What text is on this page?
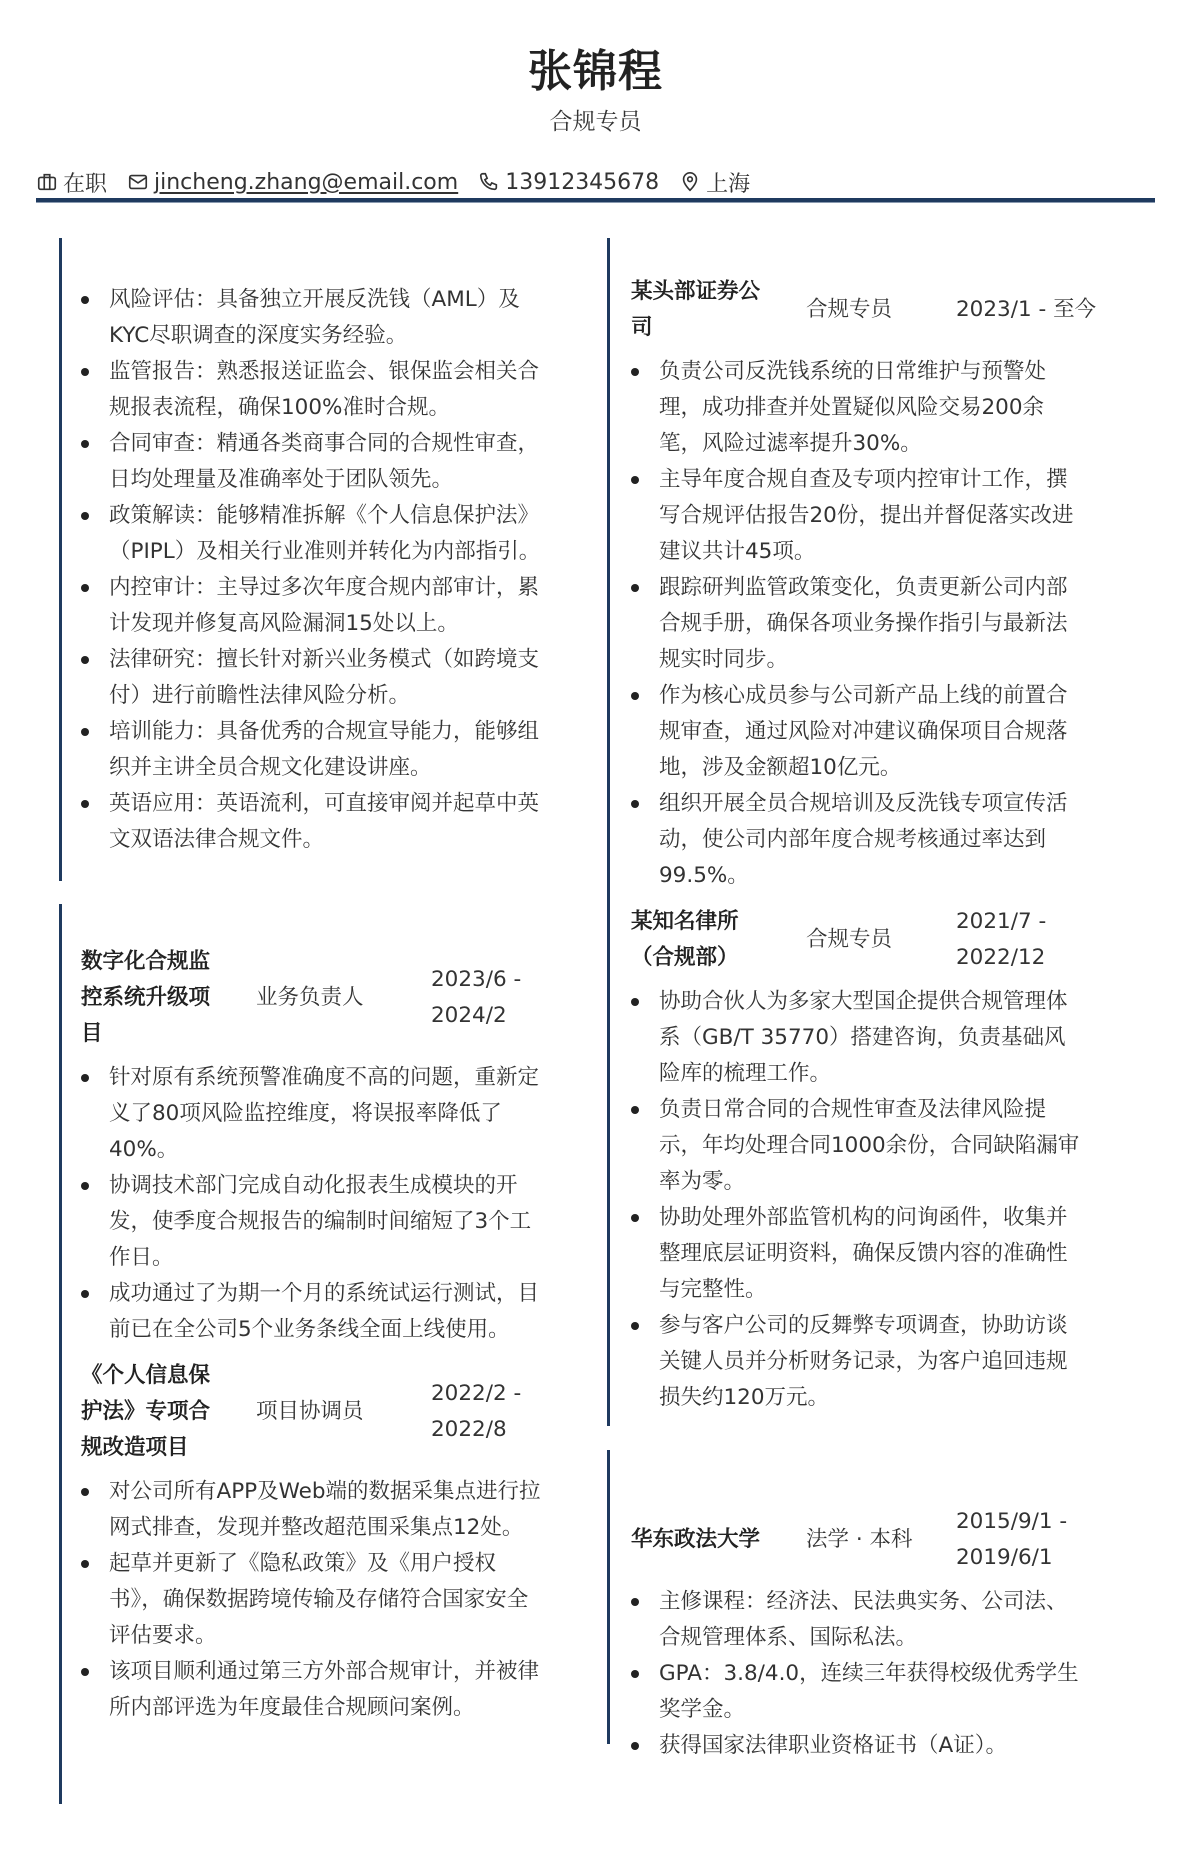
张锦程
合规专员
在职 jincheng.zhang@email.com 13912345678 上海
风险评估：具备独立开展反洗钱（AML）及KYC尽职调查的深度实务经验。
监管报告：熟悉报送证监会、银保监会相关合规报表流程，确保100%准时合规。
合同审查：精通各类商事合同的合规性审查，日均处理量及准确率处于团队领先。
政策解读：能够精准拆解《个人信息保护法》（PIPL）及相关行业准则并转化为内部指引。
内控审计：主导过多次年度合规内部审计，累计发现并修复高风险漏洞15处以上。
法律研究：擅长针对新兴业务模式（如跨境支付）进行前瞻性法律风险分析。
培训能力：具备优秀的合规宣导能力，能够组织并主讲全员合规文化建设讲座。
英语应用：英语流利，可直接审阅并起草中英文双语法律合规文件。
数字化合规监控系统升级项目
业务负责人
2023/6 - 2024/2
针对原有系统预警准确度不高的问题，重新定义了80项风险监控维度，将误报率降低了40%。
协调技术部门完成自动化报表生成模块的开发，使季度合规报告的编制时间缩短了3个工作日。
成功通过了为期一个月的系统试运行测试，目前已在全公司5个业务条线全面上线使用。
《个人信息保护法》专项合规改造项目
项目协调员
2022/2 - 2022/8
对公司所有APP及Web端的数据采集点进行拉网式排查，发现并整改超范围采集点12处。
起草并更新了《隐私政策》及《用户授权书》，确保数据跨境传输及存储符合国家安全评估要求。
该项目顺利通过第三方外部合规审计，并被律所内部评选为年度最佳合规顾问案例。
某头部证券公司
合规专员	2023/1 - 至今
负责公司反洗钱系统的日常维护与预警处理，成功排查并处置疑似风险交易200余笔，风险过滤率提升30%。
主导年度合规自查及专项内控审计工作，撰写合规评估报告20份，提出并督促落实改进建议共计45项。
跟踪研判监管政策变化，负责更新公司内部合规手册，确保各项业务操作指引与最新法规实时同步。
作为核心成员参与公司新产品上线的前置合规审查，通过风险对冲建议确保项目合规落地，涉及金额超10亿元。
组织开展全员合规培训及反洗钱专项宣传活动，使公司内部年度合规考核通过率达到99.5%。
某知名律所（合规部）
合规专员
2021/7 - 2022/12
协助合伙人为多家大型国企提供合规管理体系（GB/T 35770）搭建咨询，负责基础风险库的梳理工作。
负责日常合同的合规性审查及法律风险提示，年均处理合同1000余份，合同缺陷漏审率为零。
协助处理外部监管机构的问询函件，收集并整理底层证明资料，确保反馈内容的准确性与完整性。
参与客户公司的反舞弊专项调查，协助访谈关键人员并分析财务记录，为客户追回违规损失约120万元。
华东政法大学	法学 · 本科
2015/9/1 - 2019/6/1
主修课程：经济法、民法典实务、公司法、合规管理体系、国际私法。
GPA：3.8/4.0，连续三年获得校级优秀学生奖学金。
获得国家法律职业资格证书（A证）。
